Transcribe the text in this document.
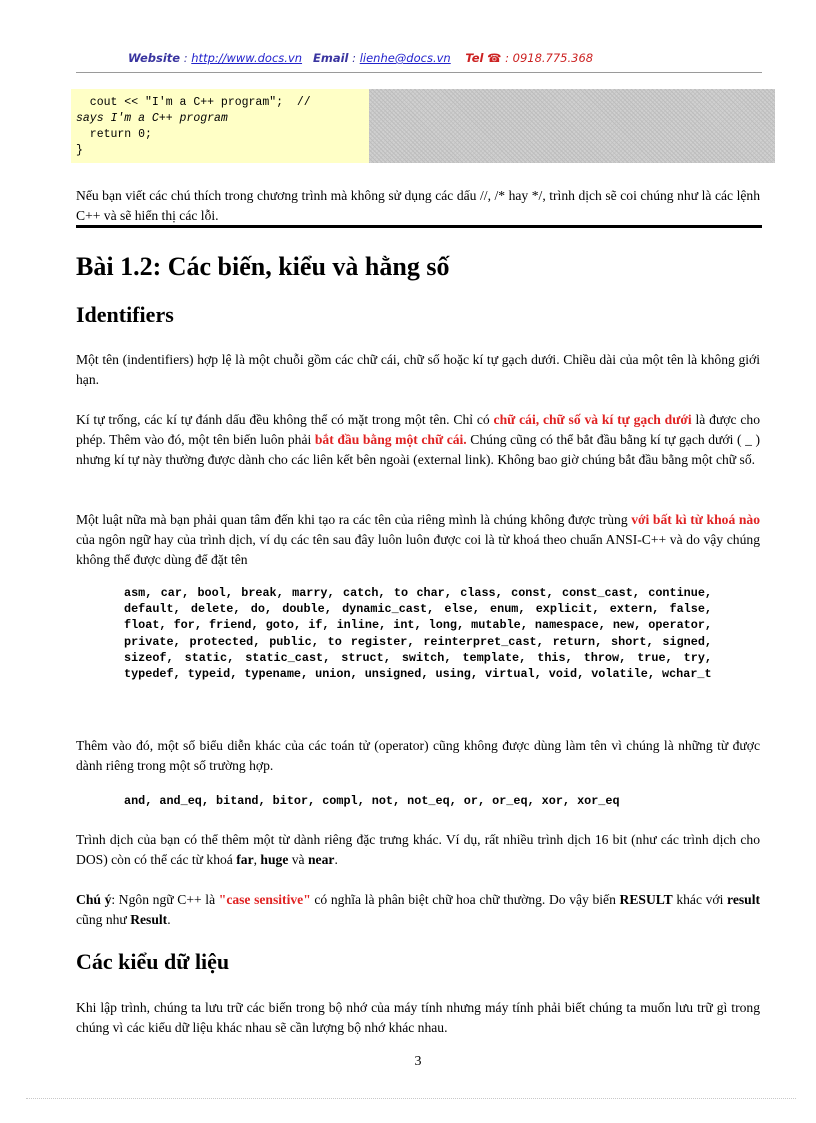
Website : http://www.docs.vn Email : lienhe@docs.vn Tel ☎ : 0918.775.368
cout << "I'm a C++ program";  //
says I'm a C++ program
return 0;
}

Nếu bạn viết các chú thích trong chương trình mà không sử dụng các dấu //, /* hay */, trình dịch sẽ coi chúng như là các lệnh C++ và sẽ hiển thị các lỗi.

Bài 1.2: Các biến, kiểu và hằng số
Identifiers

Một tên (indentifiers) hợp lệ là một chuỗi gồm các chữ cái, chữ số hoặc kí tự gạch dưới. Chiều dài của một tên là không giới hạn.

Kí tự trống, các kí tự đánh dấu đều không thể có mặt trong một tên. Chỉ có chữ cái, chữ số và kí tự gạch dưới là được cho phép. Thêm vào đó, một tên biến luôn phải bắt đầu bằng một chữ cái. Chúng cũng có thể bắt đầu bằng kí tự gạch dưới ( _ ) nhưng kí tự này thường được dành cho các liên kết bên ngoài (external link). Không bao giờ chúng bắt đầu bằng một chữ số.

Một luật nữa mà bạn phải quan tâm đến khi tạo ra các tên của riêng mình là chúng không được trùng với bất kì từ khoá nào của ngôn ngữ hay của trình dịch, ví dụ các tên sau đây luôn luôn được coi là từ khoá theo chuẩn ANSI-C++ và do vậy chúng không thể được dùng để đặt tên

asm, car, bool, break, marry, catch, to char, class, const, const_cast, continue, default, delete, do, double, dynamic_cast, else, enum, explicit, extern, false, float, for, friend, goto, if, inline, int, long, mutable, namespace, new, operator, private, protected, public, to register, reinterpret_cast, return, short, signed, sizeof, static, static_cast, struct, switch, template, this, throw, true, try, typedef, typeid, typename, union, unsigned, using, virtual, void, volatile, wchar_t

Thêm vào đó, một số biểu diễn khác của các toán tử (operator) cũng không được dùng làm tên vì chúng là những từ được dành riêng trong một số trường hợp.

and, and_eq, bitand, bitor, compl, not, not_eq, or, or_eq, xor, xor_eq

Trình dịch của bạn có thể thêm một từ dành riêng đặc trưng khác. Ví dụ, rất nhiều trình dịch 16 bit (như các trình dịch cho DOS) còn có thể các từ khoá far, huge và near.

Chú ý: Ngôn ngữ C++ là "case sensitive" có nghĩa là phân biệt chữ hoa chữ thường. Do vậy biến RESULT khác với result cũng như Result.

Các kiểu dữ liệu

Khi lập trình, chúng ta lưu trữ các biến trong bộ nhớ của máy tính nhưng máy tính phải biết chúng ta muốn lưu trữ gì trong chúng vì các kiểu dữ liệu khác nhau sẽ cần lượng bộ nhớ khác nhau.

3
